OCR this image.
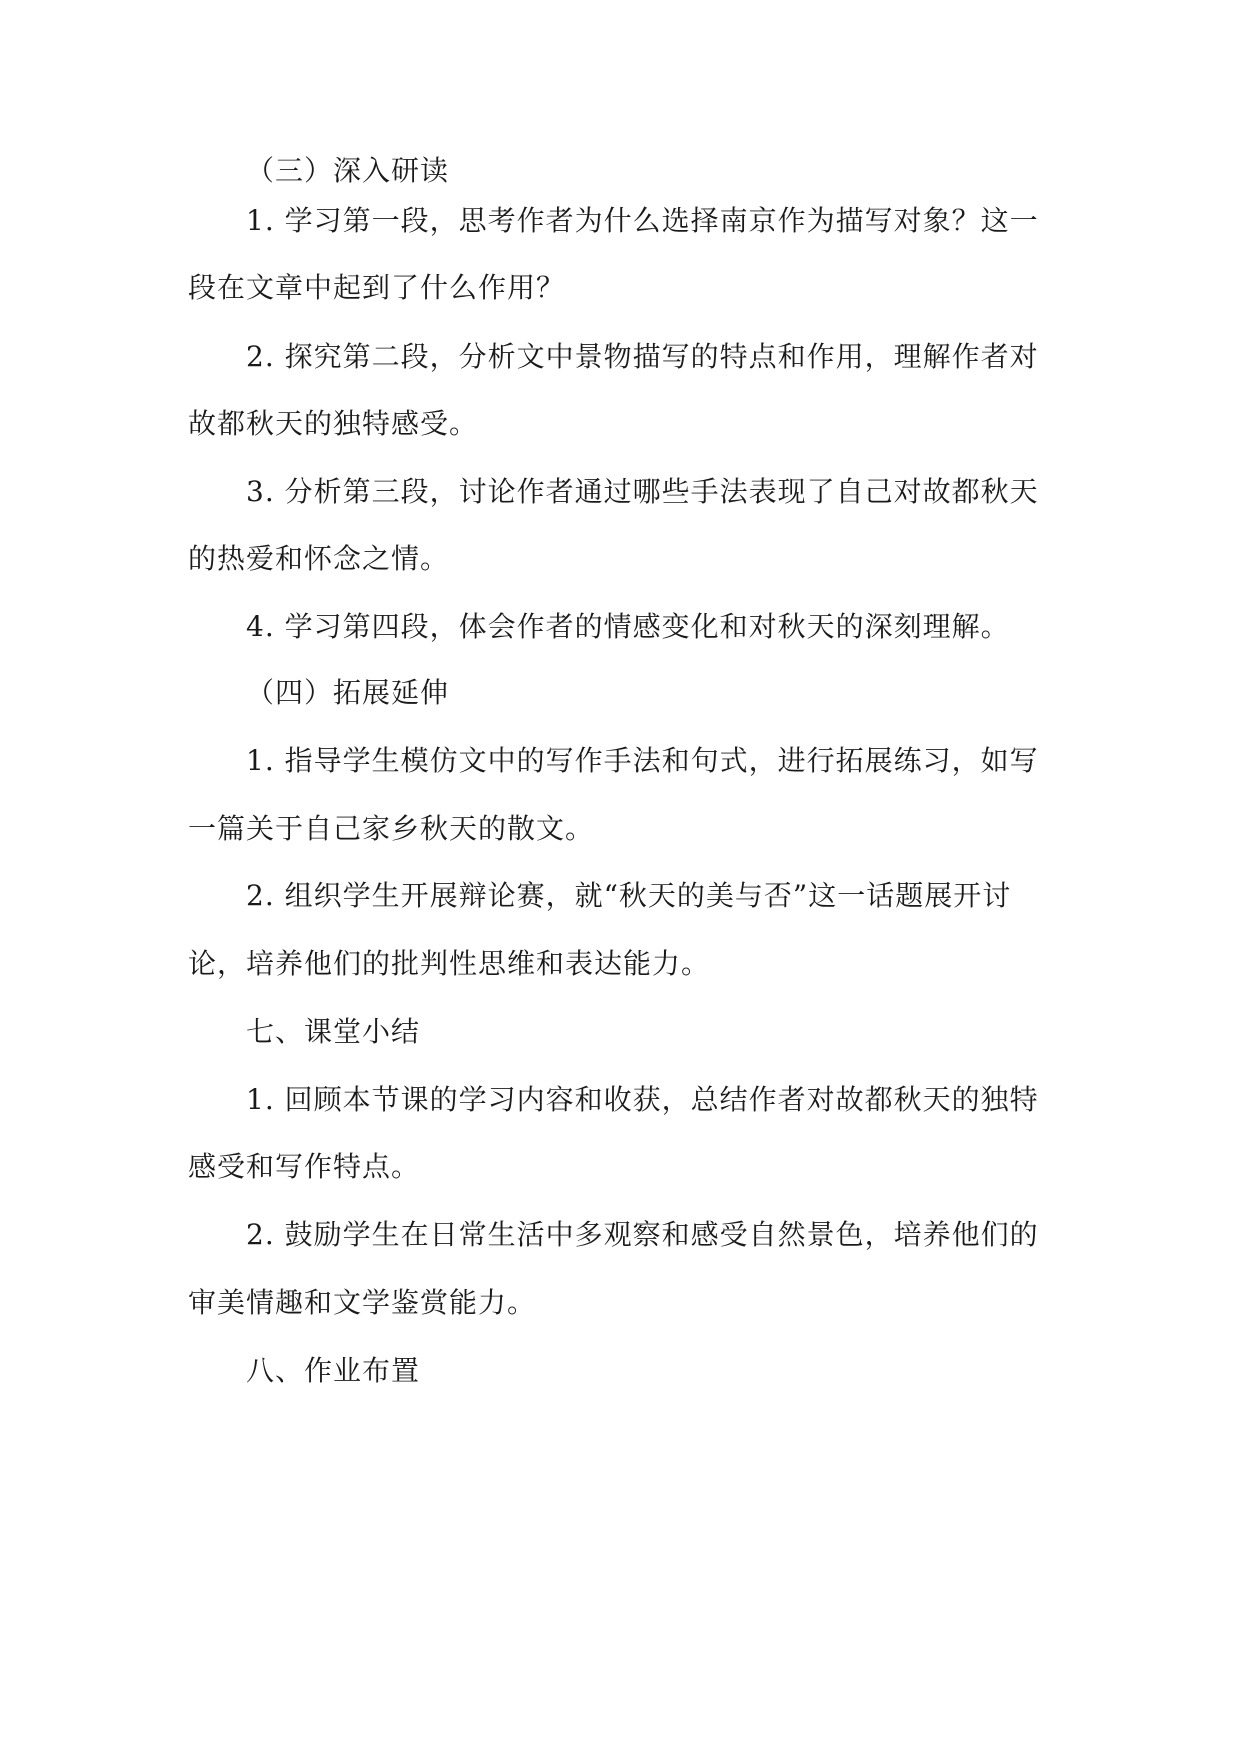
（三）深入研读
1. 学习第一段，思考作者为什么选择南京作为描写对象？这一
段在文章中起到了什么作用？
2. 探究第二段，分析文中景物描写的特点和作用，理解作者对
故都秋天的独特感受。
3. 分析第三段，讨论作者通过哪些手法表现了自己对故都秋天
的热爱和怀念之情。
4. 学习第四段，体会作者的情感变化和对秋天的深刻理解。
（四）拓展延伸
1. 指导学生模仿文中的写作手法和句式，进行拓展练习，如写
一篇关于自己家乡秋天的散文。
2. 组织学生开展辩论赛，就“秋天的美与否”这一话题展开讨
论，培养他们的批判性思维和表达能力。
七、课堂小结
1. 回顾本节课的学习内容和收获，总结作者对故都秋天的独特
感受和写作特点。
2. 鼓励学生在日常生活中多观察和感受自然景色，培养他们的
审美情趣和文学鉴赏能力。
八、作业布置
